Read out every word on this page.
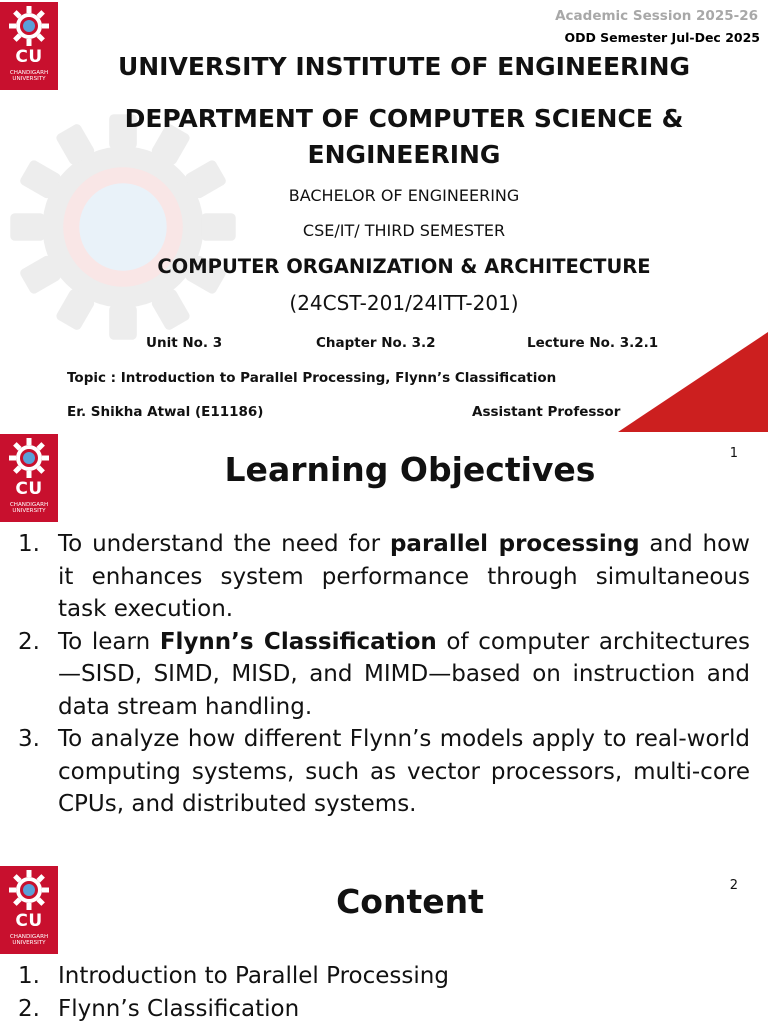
CU
CHANDIGARH
UNIVERSITY
Academic Session 2025-26
ODD Semester Jul-Dec 2025
UNIVERSITY INSTITUTE OF ENGINEERING
DEPARTMENT OF COMPUTER SCIENCE &
ENGINEERING
BACHELOR OF ENGINEERING
CSE/IT/ THIRD SEMESTER
COMPUTER ORGANIZATION & ARCHITECTURE
(24CST-201/24ITT-201)
Unit No. 3	Chapter No. 3.2	Lecture No. 3.2.1
Topic : Introduction to Parallel Processing, Flynn’s Classification
Er. Shikha Atwal (E11186)	Assistant Professor
CU
CHANDIGARH
UNIVERSITY
Learning Objectives	1
1. To understand the need for parallel processing and how it enhances system performance through simultaneous task execution.
2. To learn Flynn’s Classification of computer architectures—SISD, SIMD, MISD, and MIMD—based on instruction and data stream handling.
3. To analyze how different Flynn’s models apply to real-world computing systems, such as vector processors, multi-core CPUs, and distributed systems.
CU
CHANDIGARH
UNIVERSITY
Content	2
1. Introduction to Parallel Processing
2. Flynn’s Classification
